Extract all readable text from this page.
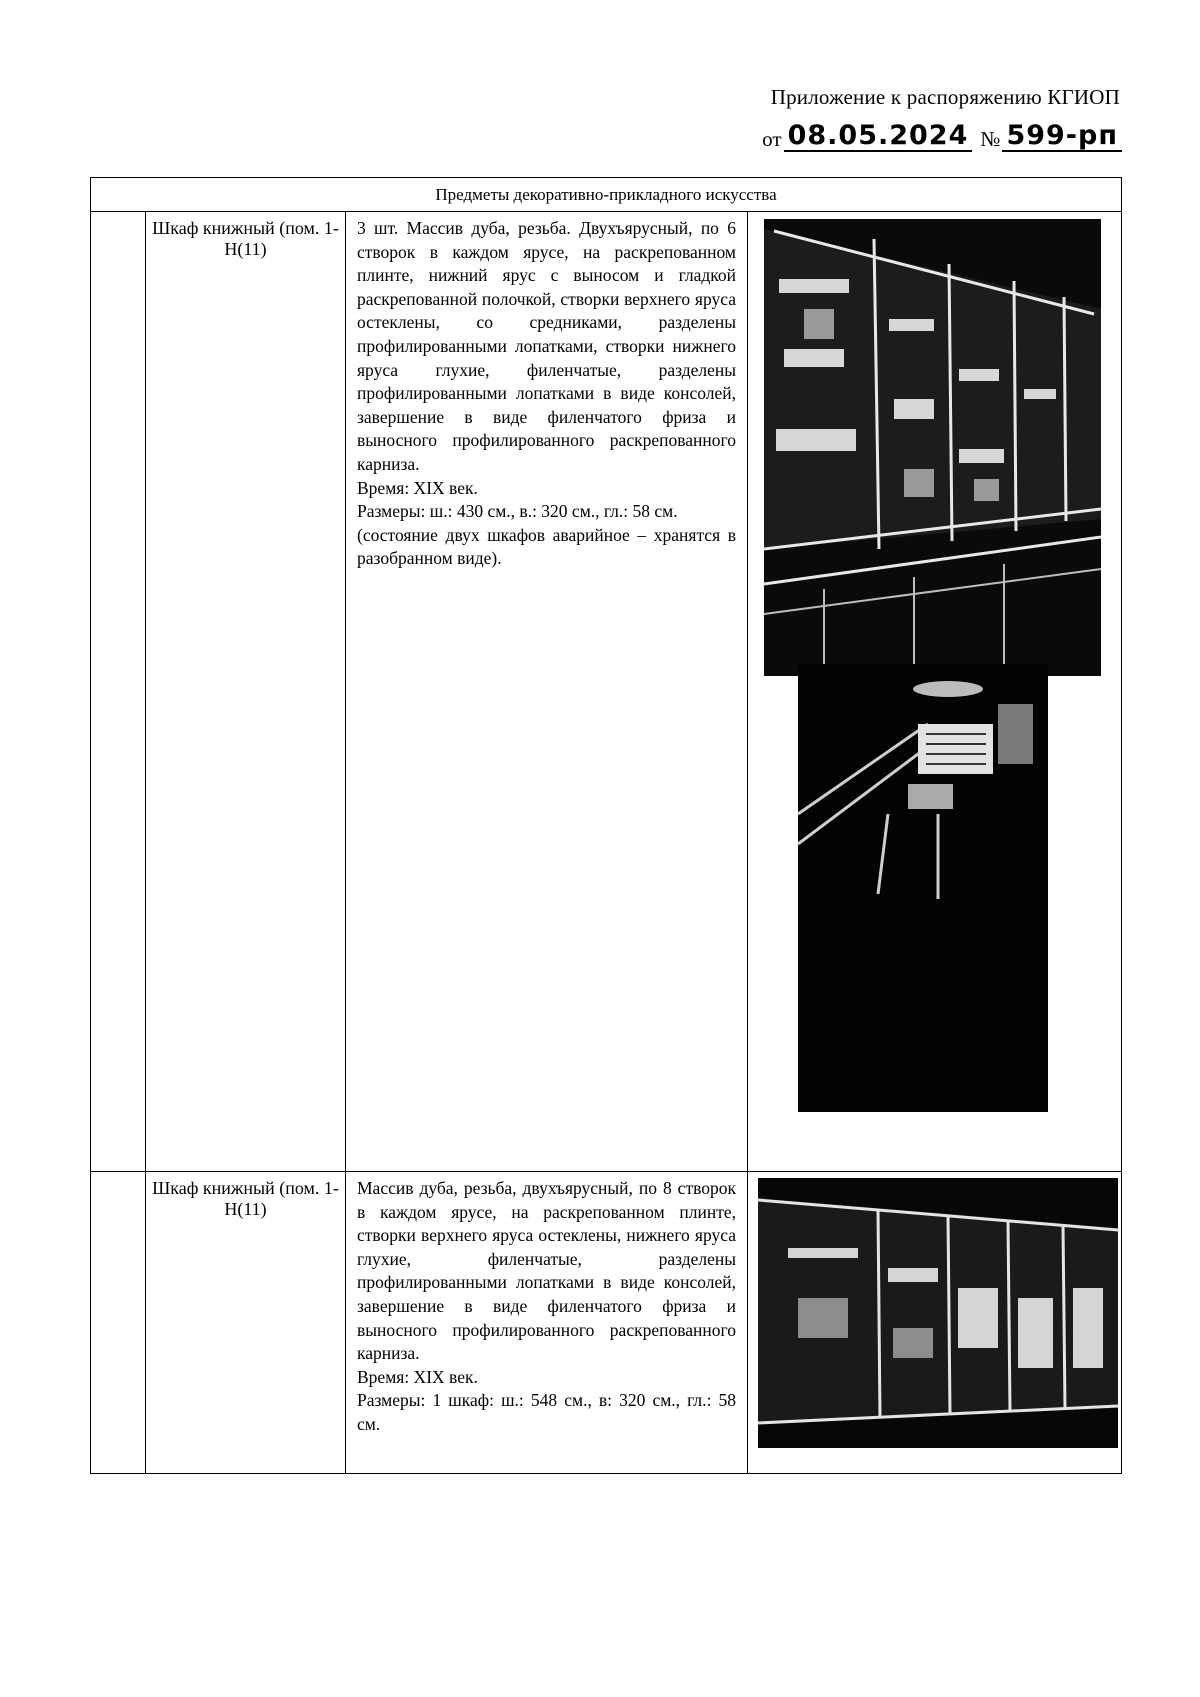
Приложение к распоряжению КГИОП
от 08.05.2024 № 599-рп
Предметы декоративно-прикладного искусства			
	Шкаф книжный (пом. 1-Н(11)	3 шт. Массив дуба, резьба. Двухъярусный, по 6 створок в каждом ярусе, на раскрепованном плинте, нижний ярус с выносом и гладкой раскрепованной полочкой, створки верхнего яруса остеклены, со средниками, разделены профилированными лопатками, створки нижнего яруса глухие, филенчатые, разделены профилированными лопатками в виде консолей, завершение в виде филенчатого фриза и выносного профилированного раскрепованного карниза.

Время: XIX век.

Размеры: ш.: 430 см., в.: 320 см., гл.: 58 см.

(состояние двух шкафов аварийное – хранятся в разобранном виде).

	Шкаф книжный (пом. 1-Н(11)	Массив дуба, резьба, двухъярусный, по 8 створок в каждом ярусе, на раскрепованном плинте, створки верхнего яруса остеклены, нижнего яруса глухие, филенчатые, разделены профилированными лопатками в виде консолей, завершение в виде филенчатого фриза и выносного профилированного раскрепованного карниза.

Время: XIX век.

Размеры: 1 шкаф: ш.: 548 см., в: 320 см., гл.: 58 см.
